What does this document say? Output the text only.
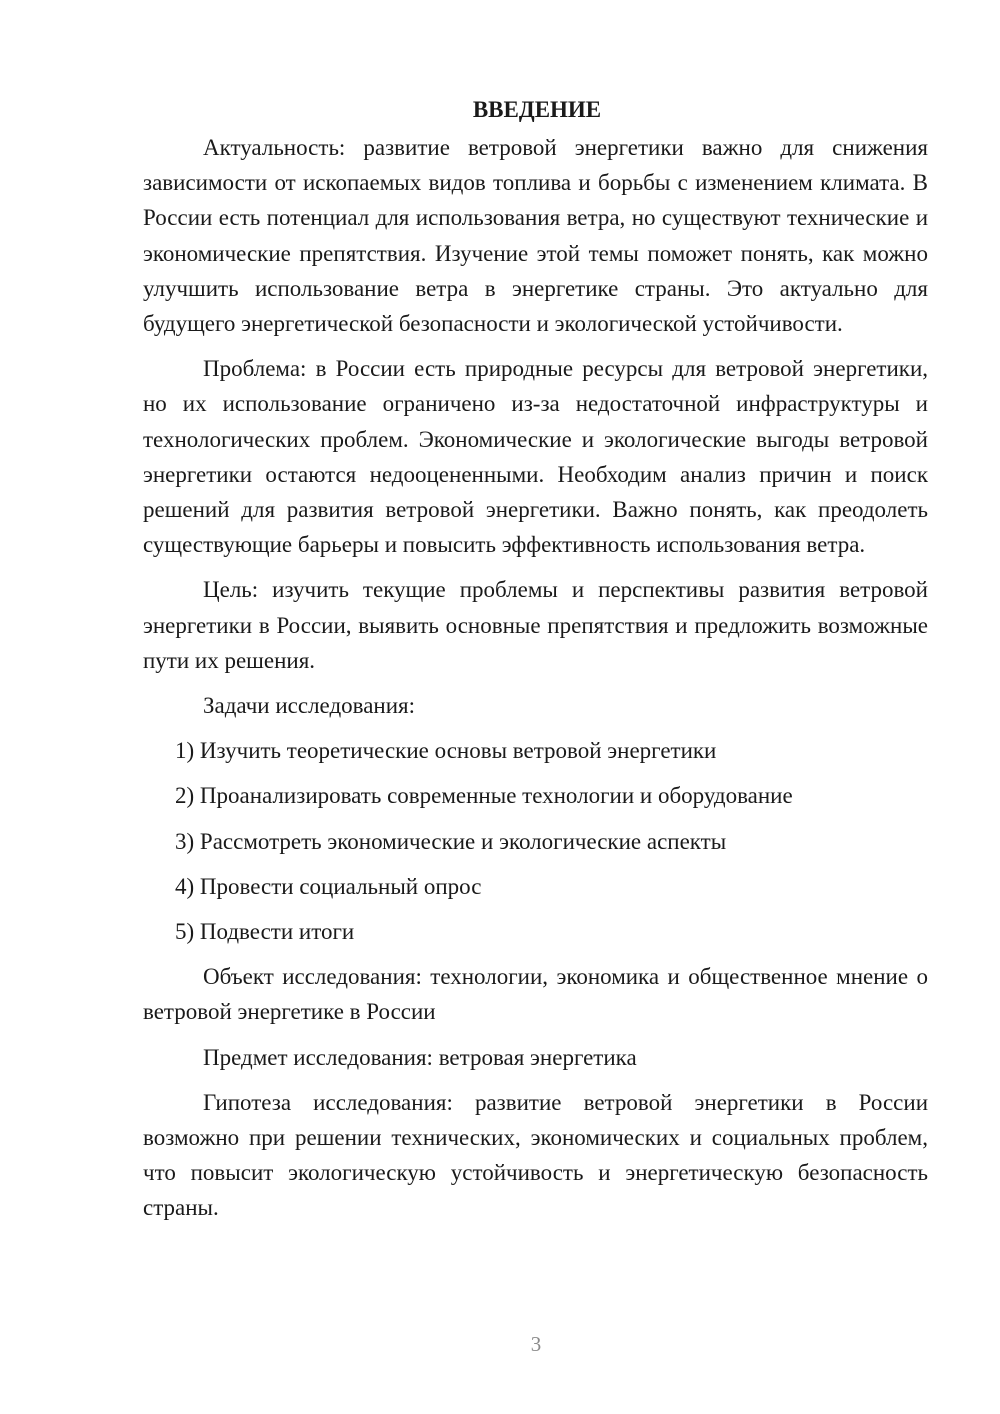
ВВЕДЕНИЕ

Актуальность: развитие ветровой энергетики важно для снижения зависимости от ископаемых видов топлива и борьбы с изменением климата. В России есть потенциал для использования ветра, но существуют технические и экономические препятствия. Изучение этой темы поможет понять, как можно улучшить использование ветра в энергетике страны. Это актуально для будущего энергетической безопасности и экологической устойчивости.

Проблема: в России есть природные ресурсы для ветровой энергетики, но их использование ограничено из-за недостаточной инфраструктуры и технологических проблем. Экономические и экологические выгоды ветровой энергетики остаются недооцененными. Необходим анализ причин и поиск решений для развития ветровой энергетики. Важно понять, как преодолеть существующие барьеры и повысить эффективность использования ветра.

Цель: изучить текущие проблемы и перспективы развития ветровой энергетики в России, выявить основные препятствия и предложить возможные пути их решения.

Задачи исследования:

1) Изучить теоретические основы ветровой энергетики
2) Проанализировать современные технологии и оборудование
3) Рассмотреть экономические и экологические аспекты
4) Провести социальный опрос
5) Подвести итоги

Объект исследования: технологии, экономика и общественное мнение о ветровой энергетике в России

Предмет исследования: ветровая энергетика

Гипотеза исследования: развитие ветровой энергетики в России возможно при решении технических, экономических и социальных проблем, что повысит экологическую устойчивость и энергетическую безопасность страны.

3
